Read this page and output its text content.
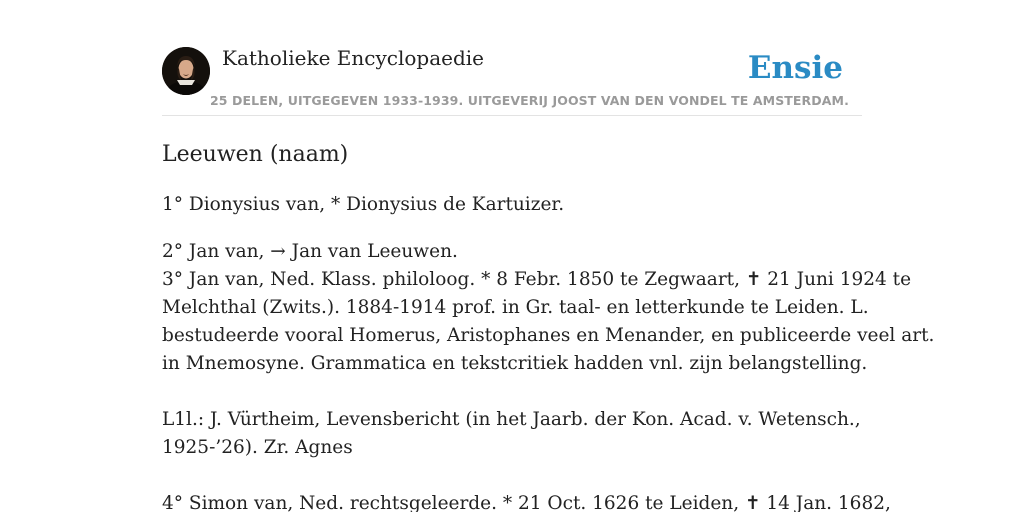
Katholieke Encyclopaedie	Ensie
25 DELEN, UITGEGEVEN 1933-1939. UITGEVERIJ JOOST VAN DEN VONDEL TE AMSTERDAM.
Leeuwen (naam)

1° Dionysius van, * Dionysius de Kartuizer.

2° Jan van, → Jan van Leeuwen.

3° Jan van, Ned. Klass. philoloog. * 8 Febr. 1850 te Zegwaart, ✝ 21 Juni 1924 te

Melchthal (Zwits.). 1884-1914 prof. in Gr. taal- en letterkunde te Leiden. L.

bestudeerde vooral Homerus, Aristophanes en Menander, en publiceerde veel art.

in Mnemosyne. Grammatica en tekstcritiek hadden vnl. zijn belangstelling.

L1l.: J. Vürtheim, Levensbericht (in het Jaarb. der Kon. Acad. v. Wetensch.,

1925-’26). Zr. Agnes

4° Simon van, Ned. rechtsgeleerde. * 21 Oct. 1626 te Leiden, ✝ 14 Jan. 1682,
